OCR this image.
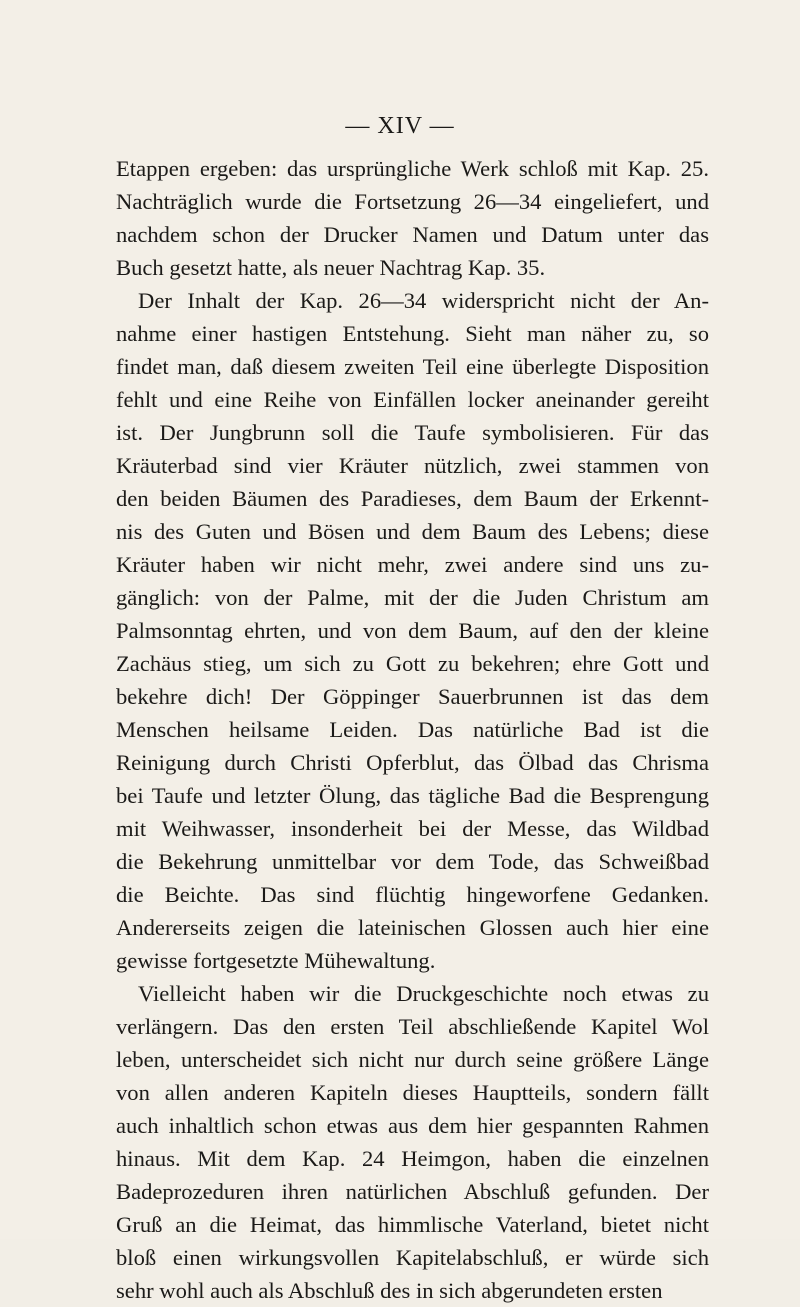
— XIV —
Etappen ergeben: das ursprüngliche Werk schloß mit Kap. 25.
Nachträglich wurde die Fortsetzung 26—34 eingeliefert, und
nachdem schon der Drucker Namen und Datum unter das
Buch gesetzt hatte, als neuer Nachtrag Kap. 35.
Der Inhalt der Kap. 26—34 widerspricht nicht der An-
nahme einer hastigen Entstehung. Sieht man näher zu, so
findet man, daß diesem zweiten Teil eine überlegte Disposition
fehlt und eine Reihe von Einfällen locker aneinander gereiht
ist. Der Jungbrunn soll die Taufe symbolisieren. Für das
Kräuterbad sind vier Kräuter nützlich, zwei stammen von
den beiden Bäumen des Paradieses, dem Baum der Erkennt-
nis des Guten und Bösen und dem Baum des Lebens; diese
Kräuter haben wir nicht mehr, zwei andere sind uns zu-
gänglich: von der Palme, mit der die Juden Christum am
Palmsonntag ehrten, und von dem Baum, auf den der kleine
Zachäus stieg, um sich zu Gott zu bekehren; ehre Gott und
bekehre dich! Der Göppinger Sauerbrunnen ist das dem
Menschen heilsame Leiden. Das natürliche Bad ist die
Reinigung durch Christi Opferblut, das Ölbad das Chrisma
bei Taufe und letzter Ölung, das tägliche Bad die Besprengung
mit Weihwasser, insonderheit bei der Messe, das Wildbad
die Bekehrung unmittelbar vor dem Tode, das Schweißbad
die Beichte. Das sind flüchtig hingeworfene Gedanken.
Andererseits zeigen die lateinischen Glossen auch hier eine
gewisse fortgesetzte Mühewaltung.
Vielleicht haben wir die Druckgeschichte noch etwas zu
verlängern. Das den ersten Teil abschließende Kapitel Wol
leben, unterscheidet sich nicht nur durch seine größere Länge
von allen anderen Kapiteln dieses Hauptteils, sondern fällt
auch inhaltlich schon etwas aus dem hier gespannten Rahmen
hinaus. Mit dem Kap. 24 Heimgon, haben die einzelnen
Badeprozeduren ihren natürlichen Abschluß gefunden. Der
Gruß an die Heimat, das himmlische Vaterland, bietet nicht
bloß einen wirkungsvollen Kapitelabschluß, er würde sich
sehr wohl auch als Abschluß des in sich abgerundeten ersten
